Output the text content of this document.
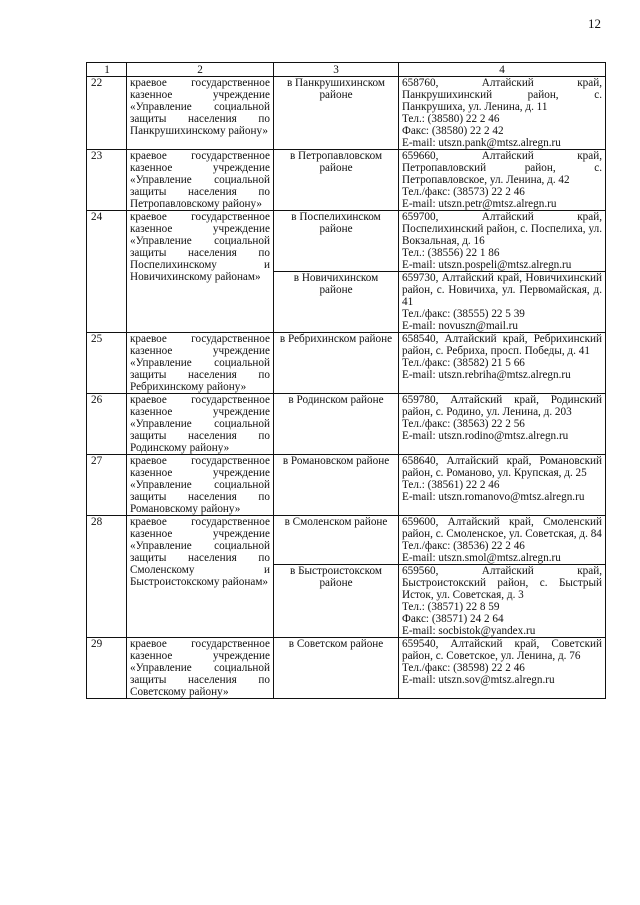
12
1	2	3	4
22	краевое государственное казенное учреждение «Управление социальной защиты населения по Панкрушихинскому району»	в Панкрушихинском районе	658760, Алтайский край, Панкрушихинский район, с. Панкрушиха, ул. Ленина, д. 11
Тел.: (38580) 22 2 46
Факс: (38580) 22 2 42
E-mail: utszn.pank@mtsz.alregn.ru
23	краевое государственное казенное учреждение «Управление социальной защиты населения по Петропавловскому району»	в Петропавловском районе	659660, Алтайский край, Петропавловский район, с. Петропавловское, ул. Ленина, д. 42
Тел./факс: (38573) 22 2 46
E-mail: utszn.petr@mtsz.alregn.ru
24	краевое государственное казенное учреждение «Управление социальной защиты населения по Поспелихинскому и Новичихинскому районам»	в Поспелихинском районе	659700, Алтайский край, Поспелихинский район, с. Поспелиха, ул. Вокзальная, д. 16
Тел.: (38556) 22 1 86
E-mail: utszn.pospeli@mtsz.alregn.ru
		в Новичихинском районе	659730, Алтайский край, Новичихинский район, с. Новичиха, ул. Первомайская, д. 41
Тел./факс: (38555) 22 5 39
E-mail: novuszn@mail.ru
25	краевое государственное казенное учреждение «Управление социальной защиты населения по Ребрихинскому району»	в Ребрихинском районе	658540, Алтайский край, Ребрихинский район, с. Ребриха, просп. Победы, д. 41
Тел./факс: (38582) 21 5 66
E-mail: utszn.rebriha@mtsz.alregn.ru
26	краевое государственное казенное учреждение «Управление социальной защиты населения по Родинскому району»	в Родинском районе	659780, Алтайский край, Родинский район, с. Родино, ул. Ленина, д. 203
Тел./факс: (38563) 22 2 56
E-mail: utszn.rodino@mtsz.alregn.ru
27	краевое государственное казенное учреждение «Управление социальной защиты населения по Романовскому району»	в Романовском районе	658640, Алтайский край, Романовский район, с. Романово, ул. Крупская, д. 25
Тел.: (38561) 22 2 46
E-mail: utszn.romanovo@mtsz.alregn.ru
28	краевое государственное казенное учреждение «Управление социальной защиты населения по Смоленскому и Быстроистокскому районам»	в Смоленском районе	659600, Алтайский край, Смоленский район, с. Смоленское, ул. Советская, д. 84
Тел./факс: (38536) 22 2 46
E-mail: utszn.smol@mtsz.alregn.ru
		в Быстроистокском районе	659560, Алтайский край, Быстроистокский район, с. Быстрый Исток, ул. Советская, д. 3
Тел.: (38571) 22 8 59
Факс: (38571) 24 2 64
E-mail: socbistok@yandex.ru
29	краевое государственное казенное учреждение «Управление социальной защиты населения по Советскому району»	в Советском районе	659540, Алтайский край, Советский район, с. Советское, ул. Ленина, д. 76
Тел./факс: (38598) 22 2 46
E-mail: utszn.sov@mtsz.alregn.ru
